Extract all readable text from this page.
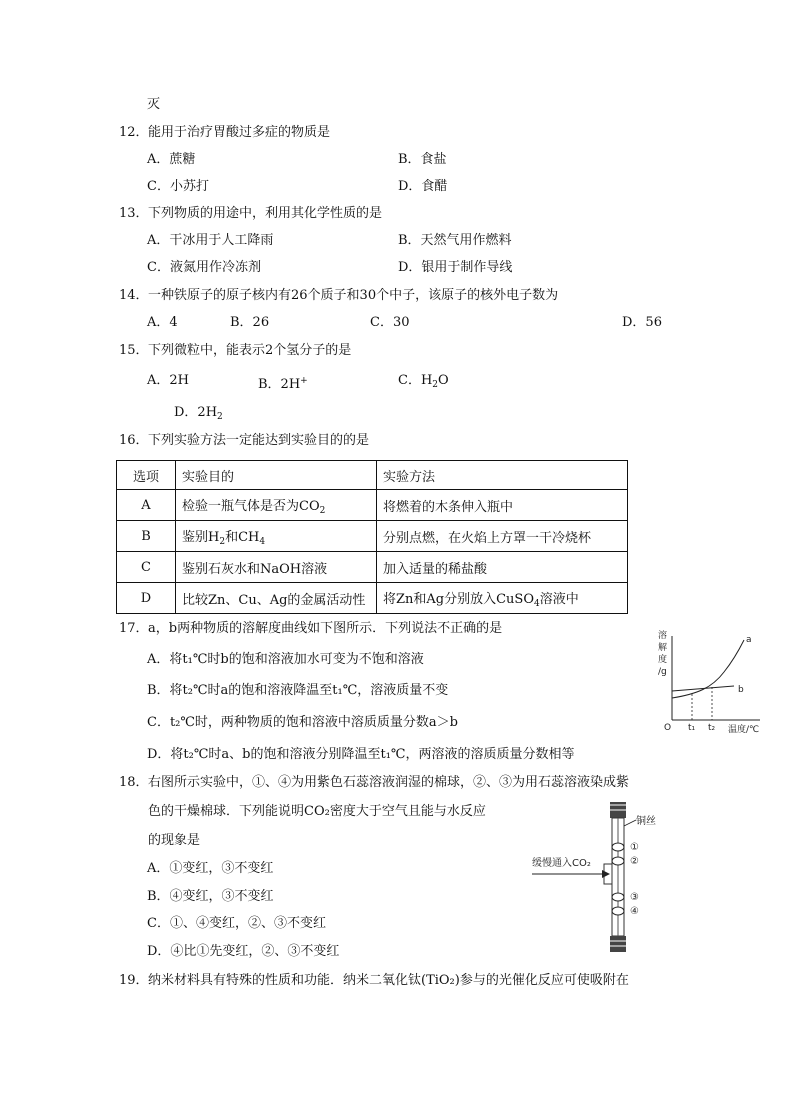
灭
12． 能用于治疗胃酸过多症的物质是
A．蔗糖	B．食盐
C．小苏打	D．食醋
13． 下列物质的用途中，利用其化学性质的是
A．干冰用于人工降雨	B．天然气用作燃料
C．液氮用作冷冻剂	D．银用于制作导线
14． 一种铁原子的原子核内有26个质子和30个中子，该原子的核外电子数为
A．4	B．26	C．30	D．56
15． 下列微粒中，能表示2个氢分子的是
A．2H	B．2H+	C．$H_2O$
D．$2H_2$
16． 下列实验方法一定能达到实验目的的是
选项	实验目的	实验方法
A	检验一瓶气体是否为$CO_2$	将燃着的木条伸入瓶中
B	鉴别$H_2$和$CH_4$	分别点燃，在火焰上方罩一干冷烧杯
C	鉴别石灰水和NaOH溶液	加入适量的稀盐酸
D	比较Zn、Cu、Ag的金属活动性	将Zn和Ag分别放入CuSO$_4$溶液中
17． a，b两种物质的溶解度曲线如下图所示．下列说法不正确的是
A．将t₁℃时b的饱和溶液加水可变为不饱和溶液
B．将t₂℃时a的饱和溶液降温至t₁℃，溶液质量不变
C．t₂℃时，两种物质的饱和溶液中溶质质量分数a＞b
D．将t₂℃时a、b的饱和溶液分别降温至t₁℃，两溶液的溶质质量分数相等
溶
解
度
/g
O	温度/℃
a
b
t₁ t₂
18． 右图所示实验中，①、④为用紫色石蕊溶液润湿的棉球，②、③为用石蕊溶液染成紫
色的干燥棉球．下列能说明CO₂密度大于空气且能与水反应
的现象是
A．①变红，③不变红
B．④变红，③不变红
C．①、④变红，②、③不变红
D．④比①先变红，②、③不变红
缓慢通入CO₂
①
②
③
④
铜丝
19． 纳米材料具有特殊的性质和功能．纳米二氧化钛(TiO₂)参与的光催化反应可使吸附在
